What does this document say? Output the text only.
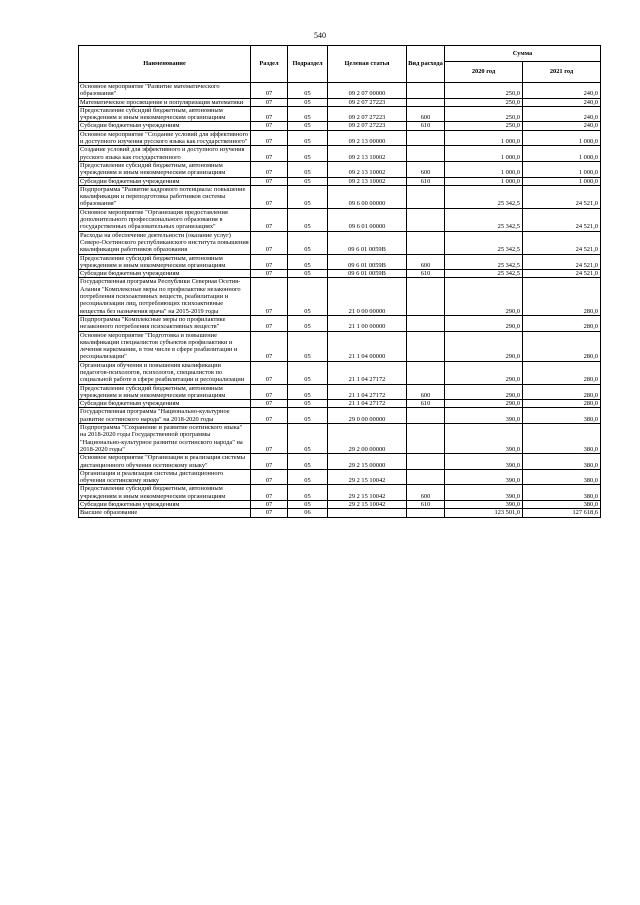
540
Наименование	Раздел	Подраздел	Целевая статья	Вид расхода	Сумма	
					2020 год	2021 год
Основное мероприятие "Развитие математического образования"	07	05	09 2 07 00000		250,0	240,0
Математическое просвещение и популяризация математики	07	05	09 2 07 27223		250,0	240,0
Предоставление субсидий бюджетным, автономным учреждениям и иным некоммерческим организациям	07	05	09 2 07 27223	600	250,0	240,0
Субсидии бюджетным учреждениям	07	05	09 2 07 27223	610	250,0	240,0
Основное мероприятие "Создание условий для эффективного и доступного изучения русского языка как государственного"	07	05	09 2 13 00000		1 000,0	1 000,0
Создание условий для эффективного и доступного изучения русского языка как государственного	07	05	09 2 13 10002		1 000,0	1 000,0
Предоставление субсидий бюджетным, автономным учреждениям и иным некоммерческим организациям	07	05	09 2 13 10002	600	1 000,0	1 000,0
Субсидии бюджетным учреждениям	07	05	09 2 13 10002	610	1 000,0	1 000,0
Подпрограмма "Развитие кадрового потенциала: повышение квалификации и переподготовка работников системы образования"	07	05	09 6 00 00000		25 342,5	24 521,0
Основное мероприятие "Организация предоставления дополнительного профессионального образования в государственных образовательных организациях"	07	05	09 6 01 00000		25 342,5	24 521,0
Расходы на обеспечение деятельности (оказание услуг) Северо-Осетинского республиканского института повышения квалификации работников образования	07	05	09 6 01 0059В		25 342,5	24 521,0
Предоставление субсидий бюджетным, автономным учреждениям и иным некоммерческим организациям	07	05	09 6 01 0059В	600	25 342,5	24 521,0
Субсидии бюджетным учреждениям	07	05	09 6 01 0059В	610	25 342,5	24 521,0
Государственная программа Республики Северная Осетия-Алания "Комплексные меры по профилактике незаконного потребления психоактивных веществ, реабилитации и ресоциализации лиц, потребляющих психоактивные вещества без назначения врача" на 2015-2019 годы	07	05	21 0 00 00000		290,0	280,0
Подпрограмма "Комплексные меры по профилактике незаконного потребления психоактивных веществ"	07	05	21 1 00 00000		290,0	280,0
Основное мероприятие "Подготовка и повышение квалификации специалистов субъектов профилактики и лечения наркомании, в том числе в сфере реабилитации и ресоциализации"	07	05	21 1 04 00000		290,0	280,0
Организация обучения и повышения квалификации педагогов-психологов, психологов, специалистов по социальной работе в сфере реабилитации и ресоциализации	07	05	21 1 04 27172		290,0	280,0
Предоставление субсидий бюджетным, автономным учреждениям и иным некоммерческим организациям	07	05	21 1 04 27172	600	290,0	280,0
Субсидии бюджетным учреждениям	07	05	21 1 04 27172	610	290,0	280,0
Государственная программа "Национально-культурное развитие осетинского народа" на 2018-2020 годы	07	05	29 0 00 00000		390,0	380,0
Подпрограмма "Сохранение и развитие осетинского языка" на 2018-2020 годы Государственной программы "Национально-культурное развитие осетинского народа" на 2018-2020 годы"	07	05	29 2 00 00000		390,0	380,0
Основное мероприятие "Организация и реализация системы дистанционного обучения осетинскому языку"	07	05	29 2 15 00000		390,0	380,0
Организация и реализация системы дистанционного обучения осетинскому языку	07	05	29 2 15 10042		390,0	380,0
Предоставление субсидий бюджетным, автономным учреждениям и иным некоммерческим организациям	07	05	29 2 15 10042	600	390,0	380,0
Субсидии бюджетным учреждениям	07	05	29 2 15 10042	610	390,0	380,0
Высшее образование	07	06			123 501,0	127 618,6
